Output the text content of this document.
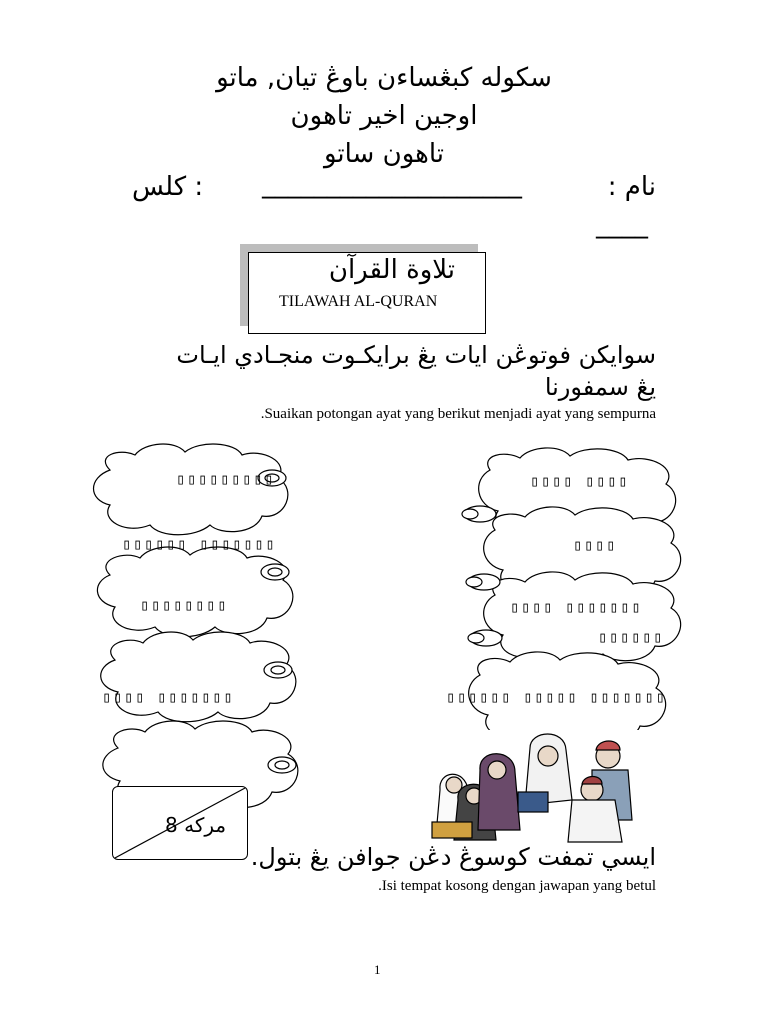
سکوله کبڠساءن باوڠ تيان, ماتو
اوجين اخير تاهون
تاهون ساتو
نام :
____________________
: کلس
____
تلاوة القرآن
TILAWAH AL-QURAN
سوايکن فوتوڠن ايات يڠ برايکـوت منجـادي ايـات
يڠ سمفورنا
.Suaikan potongan ayat yang berikut menjadi ayat yang sempurna
▯▯▯▯▯▯▯▯▯
▯▯▯▯▯▯ ▯▯▯▯▯▯▯
▯▯▯▯▯▯▯▯
▯▯▯▯ ▯▯▯▯▯▯▯
▯▯▯▯ ▯▯▯▯
▯▯▯▯
▯▯▯▯ ▯▯▯▯▯▯▯
▯▯▯▯▯▯
▯▯▯▯▯▯ ▯▯▯▯▯ ▯▯▯▯▯▯▯
ايسي تمفت کوسوڠ دڠن جوافن يڠ بتول.
.Isi tempat kosong dengan jawapan yang betul
مرکه 8
1
